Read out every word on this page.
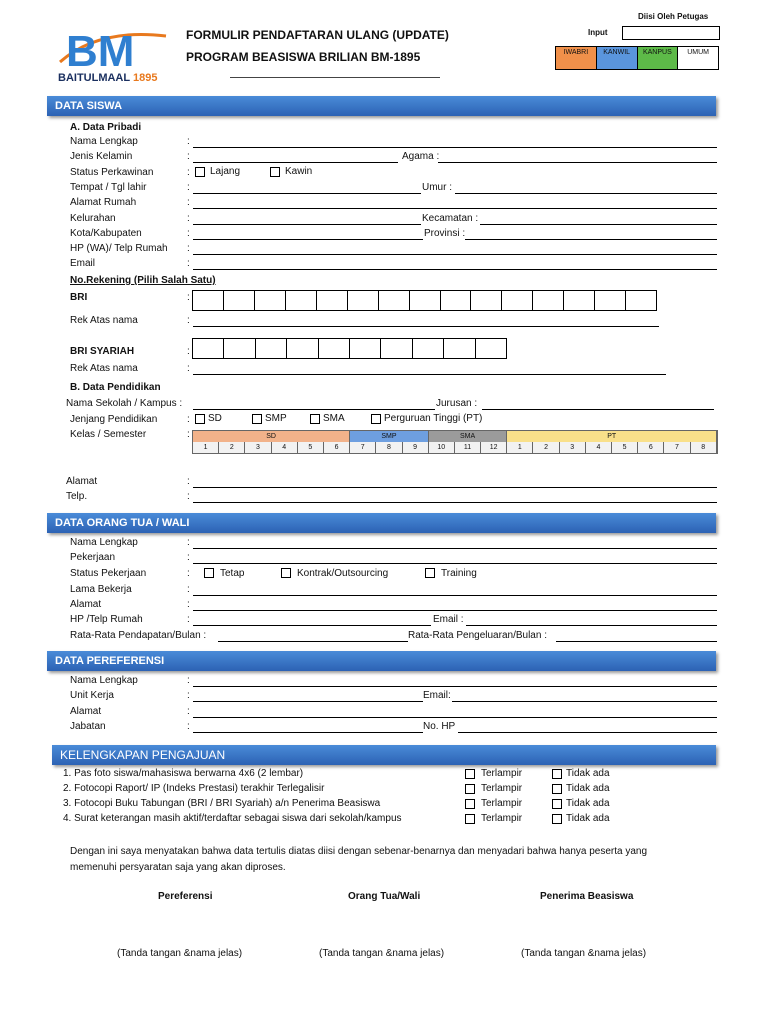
BM
BAITULMAAL 1895
FORMULIR PENDAFTARAN ULANG (UPDATE)
PROGRAM BEASISWA BRILIAN BM-1895
Diisi Oleh Petugas
Input
IWABRI	KANWIL	KANPUS	UMUM
DATA SISWA
A. Data Pribadi
Nama Lengkap	:
Jenis Kelamin	:	Agama :
Status Perkawinan	: Lajang	Kawin
Tempat / Tgl lahir	:	Umur :
Alamat Rumah	:
Kelurahan	:	Kecamatan :
Kota/Kabupaten	:	Provinsi :
HP (WA)/ Telp Rumah :
Email	:
No.Rekening (Pilih Salah Satu)
BRI	:
Rek Atas nama	:
BRI SYARIAH	:
Rek Atas nama	:
B. Data Pendidikan
Nama Sekolah / Kampus :	Jurusan :
Jenjang Pendidikan	: SD	SMP	SMA	Perguruan Tinggi (PT)
Kelas / Semester	:	SD	SMP	SMA	PT
1	2	3	4	5	6	7	8	9	10	11	12	1	2	3	4	5	6	7	8
Alamat	:
Telp.	:
DATA ORANG TUA / WALI
Nama Lengkap	:
Pekerjaan	:
Status Pekerjaan	:	Tetap	Kontrak/Outsourcing	Training
Lama Bekerja	:
Alamat	:
HP /Telp Rumah	:	Email :
Rata-Rata Pendapatan/Bulan :	Rata-Rata Pengeluaran/Bulan :
DATA PEREFERENSI
Nama Lengkap	:
Unit Kerja	:	Email:
Alamat	:
Jabatan	:	No. HP
KELENGKAPAN PENGAJUAN
1. Pas foto siswa/mahasiswa berwarna 4x6 (2 lembar)	Terlampir	Tidak ada
2. Fotocopi Raport/ IP (Indeks Prestasi) terakhir Terlegalisir	Terlampir	Tidak ada
3. Fotocopi Buku Tabungan (BRI / BRI Syariah) a/n Penerima Beasiswa	Terlampir	Tidak ada
4. Surat keterangan masih aktif/terdaftar sebagai siswa dari sekolah/kampus	Terlampir	Tidak ada
Dengan ini saya menyatakan bahwa data tertulis diatas diisi dengan sebenar-benarnya dan menyadari bahwa hanya peserta yang
memenuhi persyaratan saja yang akan diproses.
Pereferensi	Orang Tua/Wali	Penerima Beasiswa
(Tanda tangan &nama jelas)	(Tanda tangan &nama jelas)	(Tanda tangan &nama jelas)
